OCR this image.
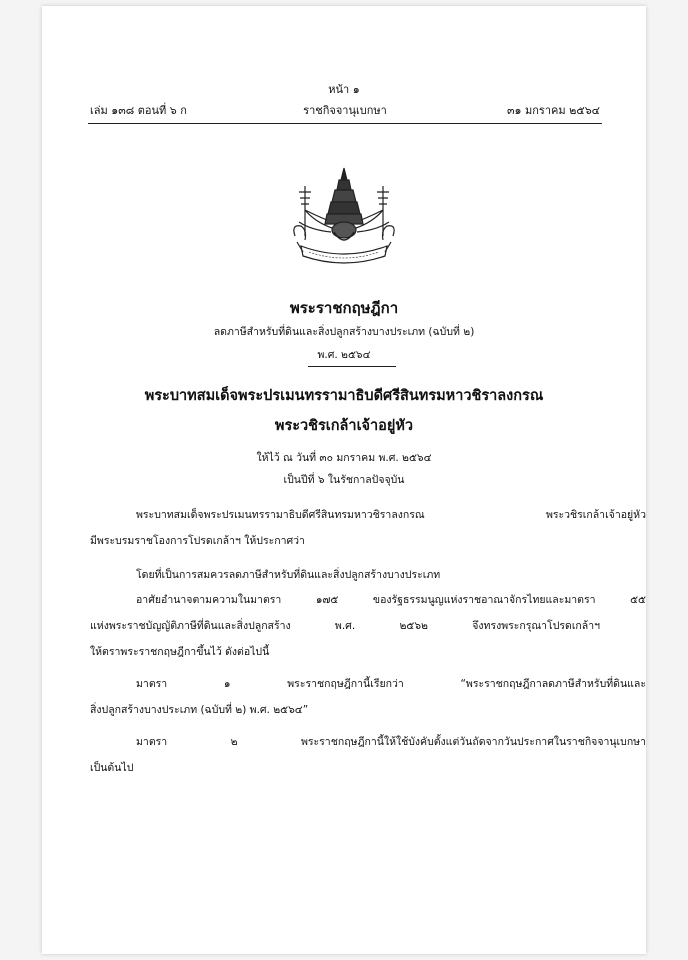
หน้า ๑
ราชกิจจานุเบกษา
เล่ม ๑๓๘ ตอนที่ ๖ ก	๓๑ มกราคม ๒๕๖๔
พระราชกฤษฎีกา
ลดภาษีสำหรับที่ดินและสิ่งปลูกสร้างบางประเภท (ฉบับที่ ๒)
พ.ศ. ๒๕๖๔
พระบาทสมเด็จพระปรเมนทรรามาธิบดีศรีสินทรมหาวชิราลงกรณ
พระวชิรเกล้าเจ้าอยู่หัว
ให้ไว้ ณ วันที่ ๓๐ มกราคม พ.ศ. ๒๕๖๔
เป็นปีที่ ๖ ในรัชกาลปัจจุบัน
พระบาทสมเด็จพระปรเมนทรรามาธิบดีศรีสินทรมหาวชิราลงกรณ พระวชิรเกล้าเจ้าอยู่หัว
มีพระบรมราชโองการโปรดเกล้าฯ ให้ประกาศว่า
โดยที่เป็นการสมควรลดภาษีสำหรับที่ดินและสิ่งปลูกสร้างบางประเภท
อาศัยอำนาจตามความในมาตรา ๑๗๕ ของรัฐธรรมนูญแห่งราชอาณาจักรไทยและมาตรา ๕๕
แห่งพระราชบัญญัติภาษีที่ดินและสิ่งปลูกสร้าง พ.ศ. ๒๕๖๒ จึงทรงพระกรุณาโปรดเกล้าฯ
ให้ตราพระราชกฤษฎีกาขึ้นไว้ ดังต่อไปนี้
มาตรา ๑ พระราชกฤษฎีกานี้เรียกว่า “พระราชกฤษฎีกาลดภาษีสำหรับที่ดินและ
สิ่งปลูกสร้างบางประเภท (ฉบับที่ ๒) พ.ศ. ๒๕๖๔”
มาตรา ๒ พระราชกฤษฎีกานี้ให้ใช้บังคับตั้งแต่วันถัดจากวันประกาศในราชกิจจานุเบกษา
เป็นต้นไป
